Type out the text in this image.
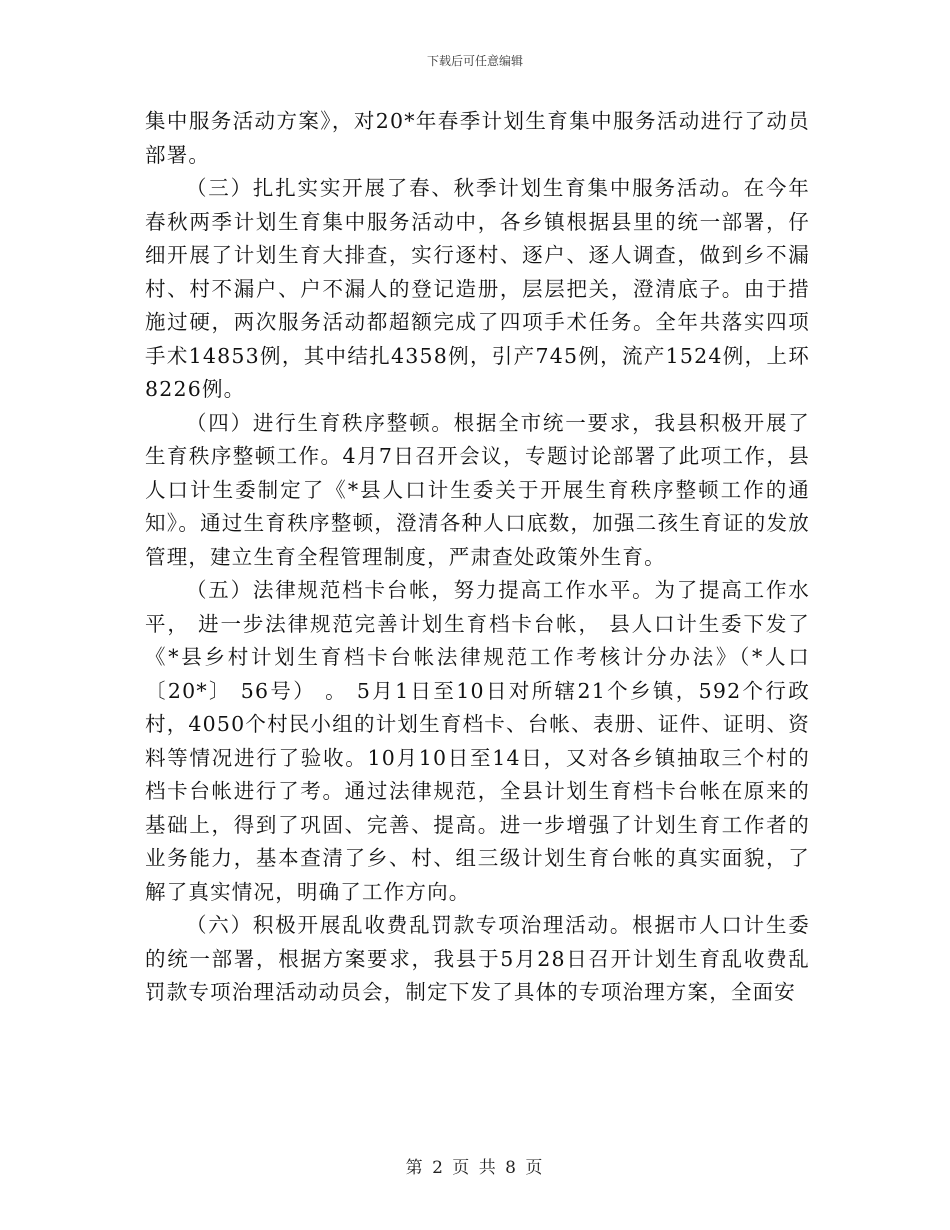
下载后可任意编辑

集中服务活动方案》，对20*年春季计划生育集中服务活动进行了动员部署。

（三）扎扎实实开展了春、秋季计划生育集中服务活动。在今年春秋两季计划生育集中服务活动中，各乡镇根据县里的统一部署，仔细开展了计划生育大排查，实行逐村、逐户、逐人调查，做到乡不漏村、村不漏户、户不漏人的登记造册，层层把关，澄清底子。由于措施过硬，两次服务活动都超额完成了四项手术任务。全年共落实四项手术14853例，其中结扎4358例，引产745例，流产1524例，上环8226例。

（四）进行生育秩序整顿。根据全市统一要求，我县积极开展了生育秩序整顿工作。4月7日召开会议，专题讨论部署了此项工作，县人口计生委制定了《*县人口计生委关于开展生育秩序整顿工作的通知》。通过生育秩序整顿，澄清各种人口底数，加强二孩生育证的发放管理，建立生育全程管理制度，严肃查处政策外生育。

（五）法律规范档卡台帐，努力提高工作水平。为了提高工作水平， 进一步法律规范完善计划生育档卡台帐， 县人口计生委下发了《*县乡村计划生育档卡台帐法律规范工作考核计分办法》（*人口〔20*〕 56号） 。 5月1日至10日对所辖21个乡镇，592个行政村，4050个村民小组的计划生育档卡、台帐、表册、证件、证明、资料等情况进行了验收。10月10日至14日，又对各乡镇抽取三个村的档卡台帐进行了考。通过法律规范，全县计划生育档卡台帐在原来的基础上，得到了巩固、完善、提高。进一步增强了计划生育工作者的业务能力，基本查清了乡、村、组三级计划生育台帐的真实面貌，了解了真实情况，明确了工作方向。

（六）积极开展乱收费乱罚款专项治理活动。根据市人口计生委的统一部署，根据方案要求，我县于5月28日召开计划生育乱收费乱罚款专项治理活动动员会，制定下发了具体的专项治理方案，全面安

第 2 页 共 8 页
